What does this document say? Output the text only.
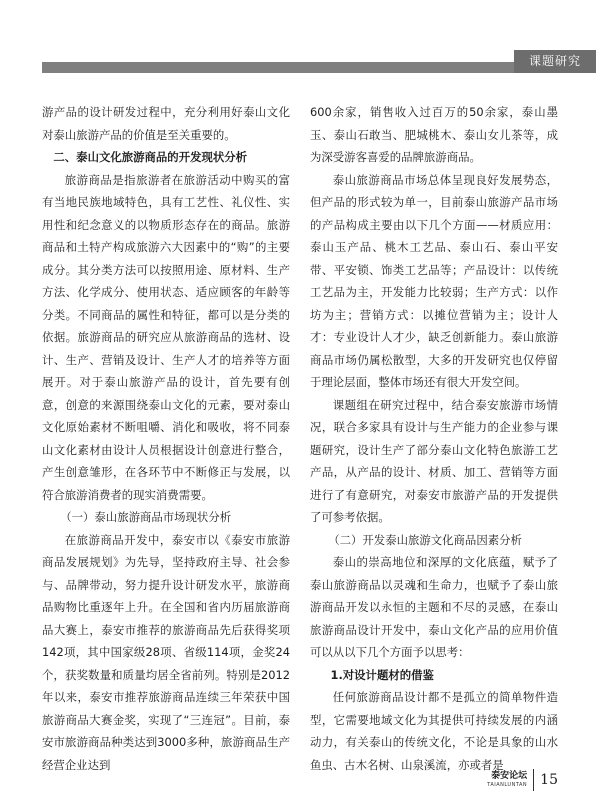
课题研究

游产品的设计研发过程中，充分利用好泰山文化对泰山旅游产品的价值是至关重要的。

二、泰山文化旅游商品的开发现状分析

旅游商品是指旅游者在旅游活动中购买的富有当地民族地域特色，具有工艺性、礼仪性、实用性和纪念意义的以物质形态存在的商品。旅游商品和土特产构成旅游六大因素中的“购”的主要成分。其分类方法可以按照用途、原材料、生产方法、化学成分、使用状态、适应顾客的年龄等分类。不同商品的属性和特征，都可以是分类的依据。旅游商品的研究应从旅游商品的选材、设计、生产、营销及设计、生产人才的培养等方面展开。对于泰山旅游产品的设计，首先要有创意，创意的来源围绕泰山文化的元素，要对泰山文化原始素材不断咀嚼、消化和吸收，将不同泰山文化素材由设计人员根据设计创意进行整合，产生创意雏形，在各环节中不断修正与发展，以符合旅游消费者的现实消费需要。

（一）泰山旅游商品市场现状分析

在旅游商品开发中，泰安市以《泰安市旅游商品发展规划》为先导，坚持政府主导、社会参与、品牌带动，努力提升设计研发水平，旅游商品购物比重逐年上升。在全国和省内历届旅游商品大赛上，泰安市推荐的旅游商品先后获得奖项142项，其中国家级28项、省级114项，金奖24个，获奖数量和质量均居全省前列。特别是2012年以来，泰安市推荐旅游商品连续三年荣获中国旅游商品大赛金奖，实现了“三连冠”。目前，泰安市旅游商品种类达到3000多种，旅游商品生产经营企业达到

600余家，销售收入过百万的50余家，泰山墨玉、泰山石敢当、肥城桃木、泰山女儿茶等，成为深受游客喜爱的品牌旅游商品。

泰山旅游商品市场总体呈现良好发展势态，但产品的形式较为单一，目前泰山旅游产品市场的产品构成主要由以下几个方面——材质应用：泰山玉产品、桃木工艺品、泰山石、泰山平安带、平安锁、饰类工艺品等；产品设计：以传统工艺品为主，开发能力比较弱；生产方式：以作坊为主；营销方式：以摊位营销为主；设计人才：专业设计人才少，缺乏创新能力。泰山旅游商品市场仍属松散型，大多的开发研究也仅停留于理论层面，整体市场还有很大开发空间。

课题组在研究过程中，结合泰安旅游市场情况，联合多家具有设计与生产能力的企业参与课题研究，设计生产了部分泰山文化特色旅游工艺产品，从产品的设计、材质、加工、营销等方面进行了有意研究，对泰安市旅游产品的开发提供了可参考依据。

（二）开发泰山旅游文化商品因素分析

泰山的崇高地位和深厚的文化底蕴，赋予了泰山旅游商品以灵魂和生命力，也赋予了泰山旅游商品开发以永恒的主题和不尽的灵感，在泰山旅游商品设计开发中，泰山文化产品的应用价值可以从以下几个方面予以思考：

1.对设计题材的借鉴

任何旅游商品设计都不是孤立的简单物件造型，它需要地域文化为其提供可持续发展的内涵动力，有关泰山的传统文化，不论是具象的山水鱼虫、古木名树、山泉溪流，亦或者是

泰安论坛
TAIANLUNTAN 15
